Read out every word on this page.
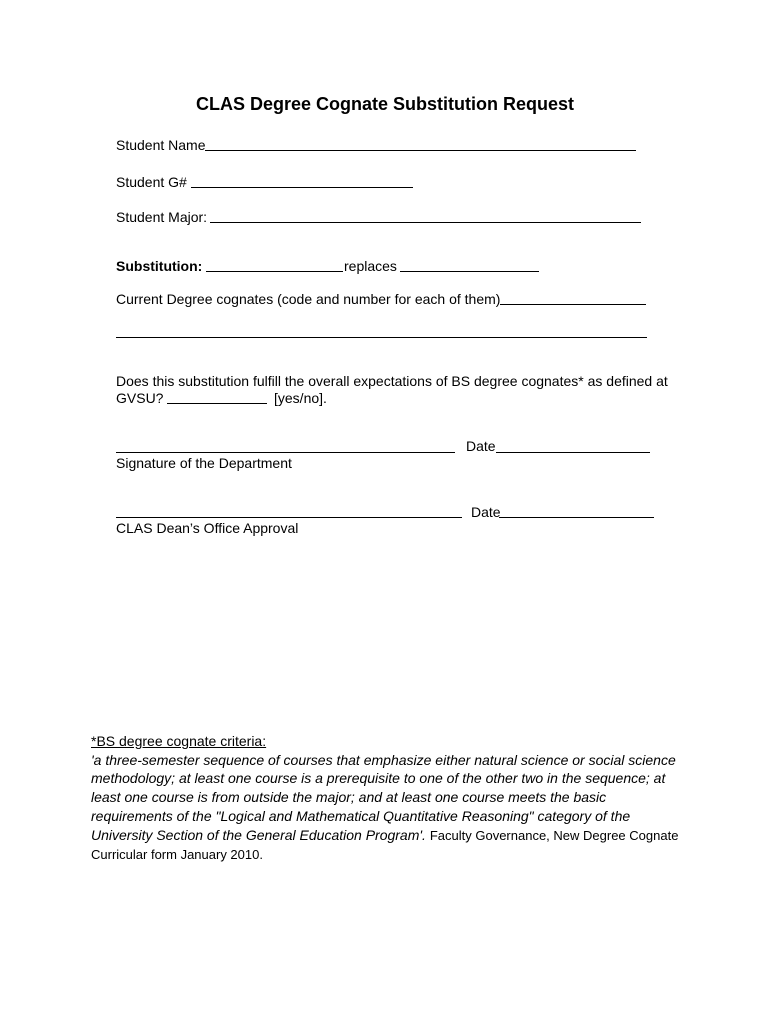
CLAS Degree Cognate Substitution Request
Student Name
Student G#
Student Major:
Substitution:	replaces
Current Degree cognates (code and number for each of them)
Does this substitution fulfill the overall expectations of BS degree cognates* as defined at
GVSU?	[yes/no].
Date
Signature of the Department
Date
CLAS Dean’s Office Approval
*BS degree cognate criteria:
'a three-semester sequence of courses that emphasize either natural science or social science
methodology; at least one course is a prerequisite to one of the other two in the sequence; at
least one course is from outside the major; and at least one course meets the basic
requirements of the "Logical and Mathematical Quantitative Reasoning" category of the
University Section of the General Education Program'. Faculty Governance, New Degree Cognate
Curricular form January 2010.
